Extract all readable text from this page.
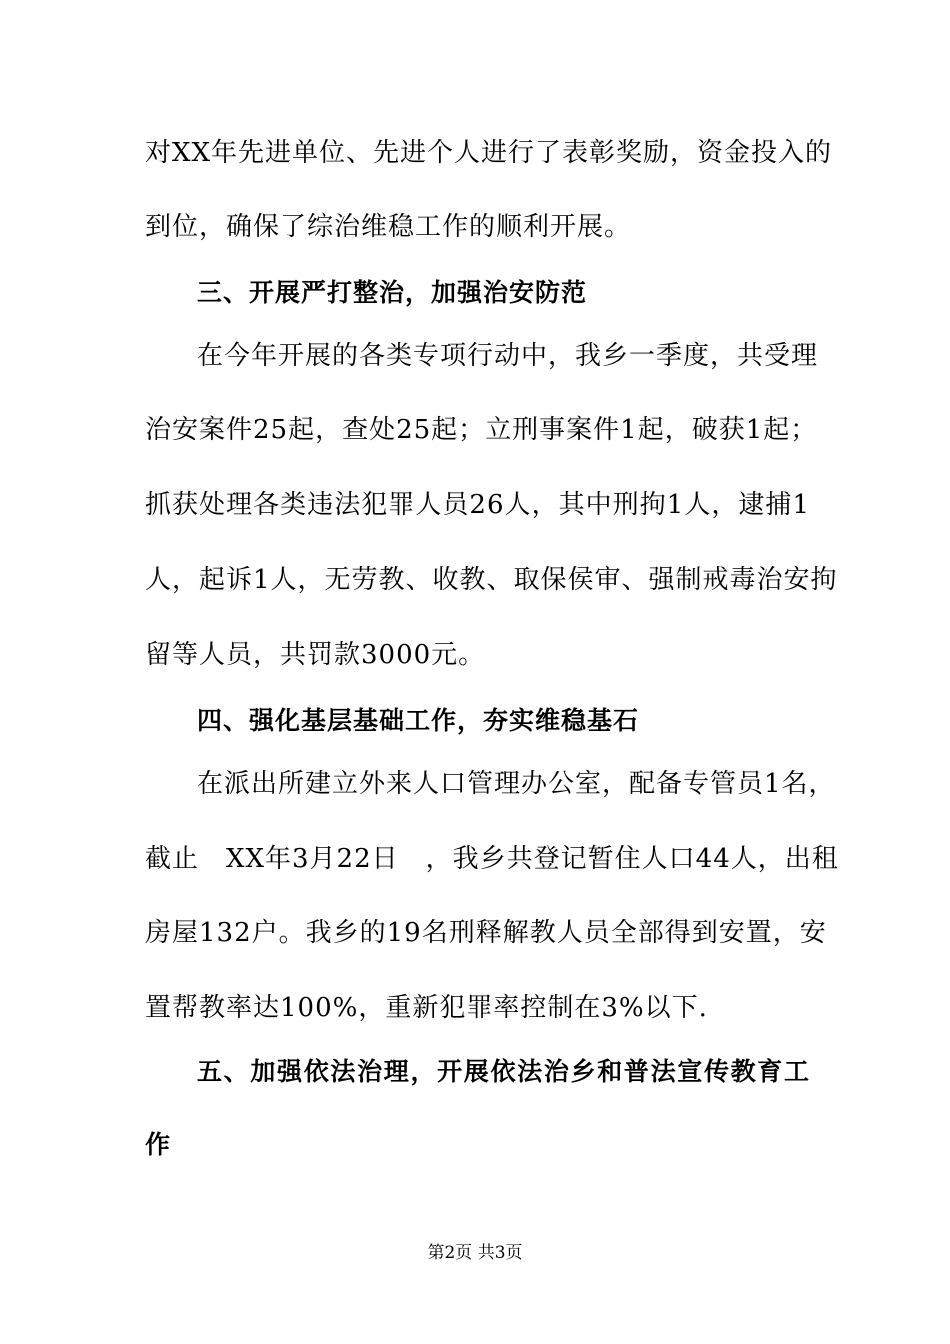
对XX年先进单位、先进个人进行了表彰奖励，资金投入的
到位，确保了综治维稳工作的顺利开展。
三、开展严打整治，加强治安防范
在今年开展的各类专项行动中，我乡一季度，共受理
治安案件25起，查处25起；立刑事案件1起，破获1起；
抓获处理各类违法犯罪人员26人，其中刑拘1人，逮捕1
人，起诉1人，无劳教、收教、取保侯审、强制戒毒治安拘
留等人员，共罚款3000元。
四、强化基层基础工作，夯实维稳基石
在派出所建立外来人口管理办公室，配备专管员1名，
截止　XX年3月22日　，我乡共登记暂住人口44人，出租
房屋132户。我乡的19名刑释解教人员全部得到安置，安
置帮教率达100%，重新犯罪率控制在3%以下.
五、加强依法治理，开展依法治乡和普法宣传教育工
作
第2页 共3页
